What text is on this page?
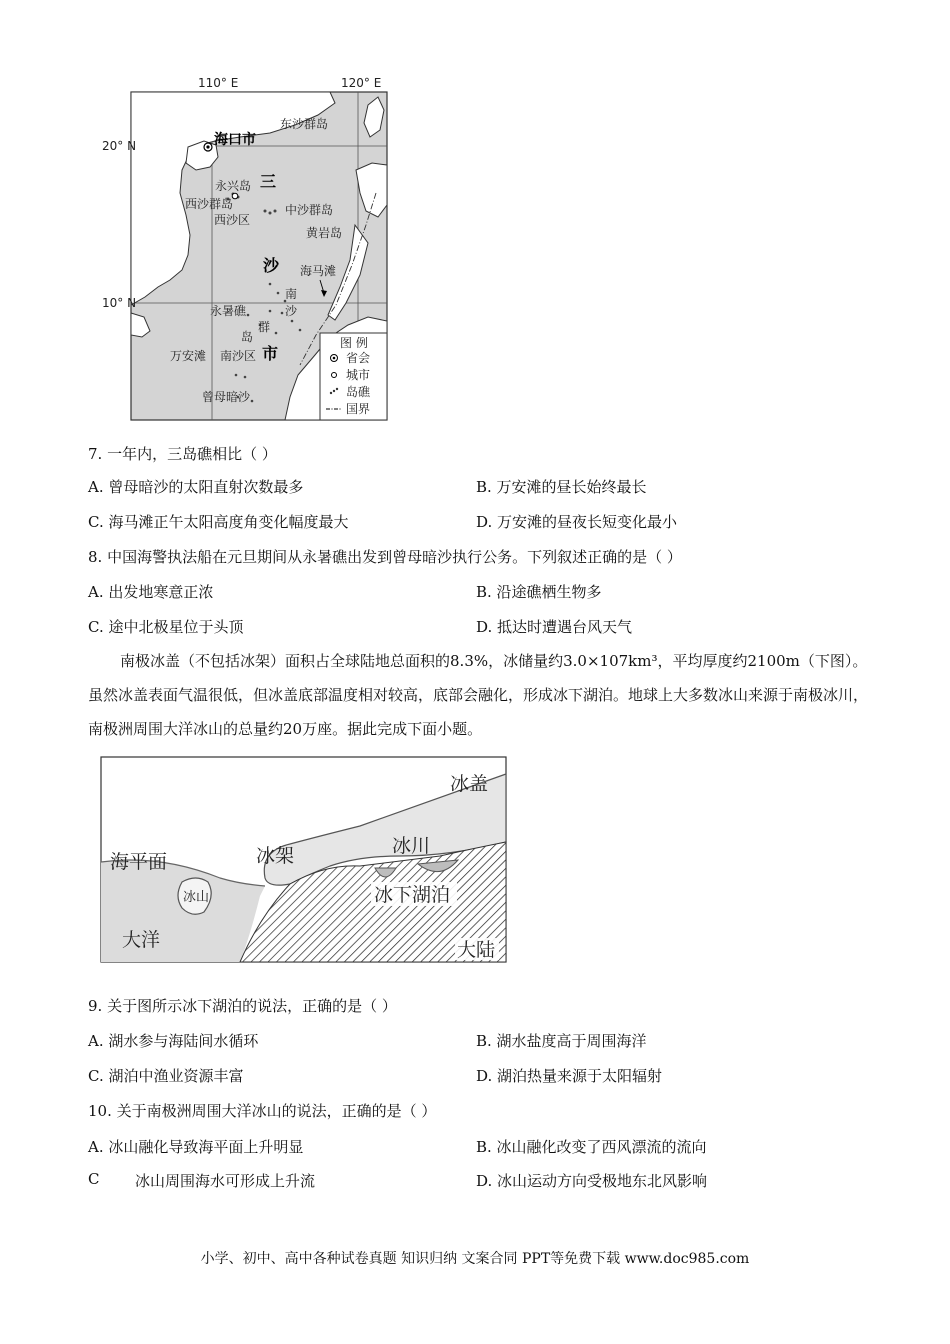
110° E	120° E
20° N
10° N
海口市
东沙群岛
三
永兴岛
西沙群岛
西沙区
中沙群岛
黄岩岛
沙 海马滩
南
永暑礁	沙
群
岛
万安滩 南沙区 市
曾母暗沙
图 例
省会
城市
岛礁
国界
7. 一年内，三岛礁相比（ ）
A. 曾母暗沙的太阳直射次数最多	B. 万安滩的昼长始终最长
C. 海马滩正午太阳高度角变化幅度最大	D. 万安滩的昼夜长短变化最小
8. 中国海警执法船在元旦期间从永暑礁出发到曾母暗沙执行公务。下列叙述正确的是（ ）
A. 出发地寒意正浓	B. 沿途礁栖生物多
C. 途中北极星位于头顶	D. 抵达时遭遇台风天气
南极冰盖（不包括冰架）面积占全球陆地总面积的8.3%，冰储量约3.0×107km³，平均厚度约2100m（下图）。虽然冰盖表面气温很低，但冰盖底部温度相对较高，底部会融化，形成冰下湖泊。地球上大多数冰山来源于南极冰川，南极洲周围大洋冰山的总量约20万座。据此完成下面小题。
冰盖
海平面	冰架	冰川
冰山	冰下湖泊
大洋	大陆
9. 关于图所示冰下湖泊的说法，正确的是（ ）
A. 湖水参与海陆间水循环	B. 湖水盐度高于周围海洋
C. 湖泊中渔业资源丰富	D. 湖泊热量来源于太阳辐射
10. 关于南极洲周围大洋冰山的说法，正确的是（ ）
A. 冰山融化导致海平面上升明显	B. 冰山融化改变了西风漂流的流向
C 冰山周围海水可形成上升流	D. 冰山运动方向受极地东北风影响
小学、初中、高中各种试卷真题 知识归纳 文案合同 PPT等免费下载 www.doc985.com
